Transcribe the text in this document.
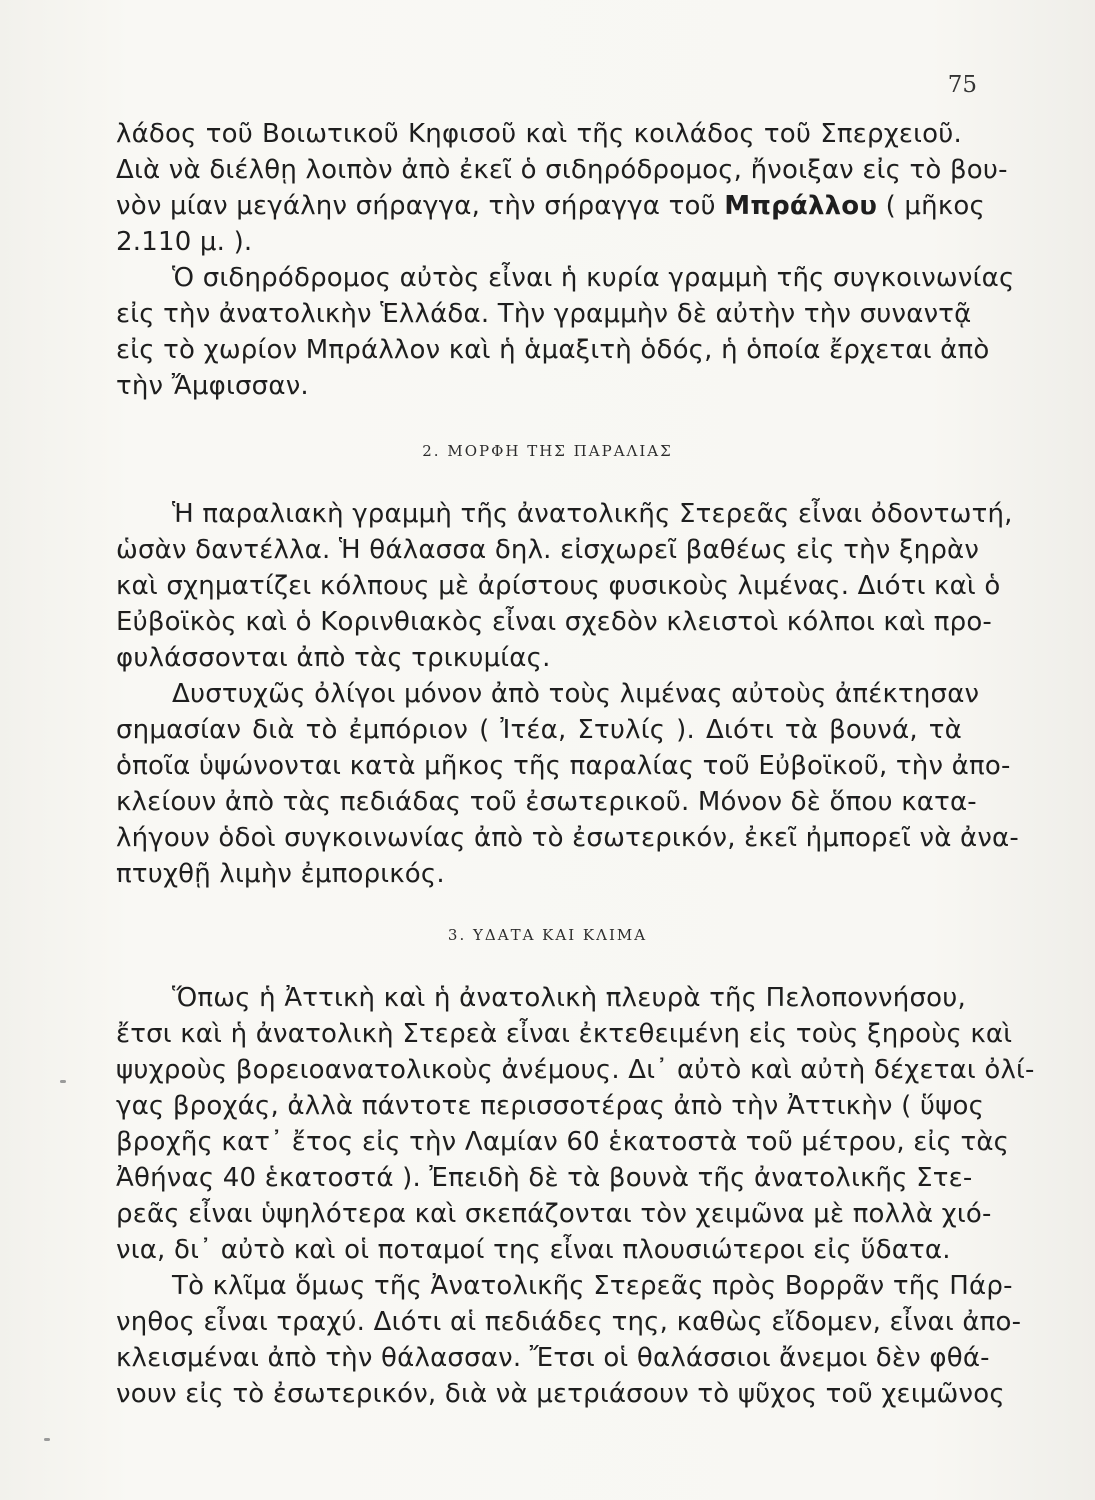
75
λάδος τοῦ Βοιωτικοῦ Κηφισοῦ καὶ τῆς κοιλάδος τοῦ Σπερχειοῦ.
Διὰ νὰ διέλθῃ λοιπὸν ἀπὸ ἐκεῖ ὁ σιδηρόδρομος, ἤνοιξαν εἰς τὸ βου-
νὸν μίαν μεγάλην σήραγγα, τὴν σήραγγα τοῦ Μπράλλου ( μῆκος
2.110 μ. ).
Ὁ σιδηρόδρομος αὐτὸς εἶναι ἡ κυρία γραμμὴ τῆς συγκοινωνίας
εἰς τὴν ἀνατολικὴν Ἑλλάδα. Τὴν γραμμὴν δὲ αὐτὴν τὴν συναντᾷ
εἰς τὸ χωρίον Μπράλλον καὶ ἡ ἁμαξιτὴ ὁδός, ἡ ὁποία ἔρχεται ἀπὸ
τὴν Ἄμφισσαν.
2. ΜΟΡΦΗ ΤΗΣ ΠΑΡΑΛΙΑΣ
Ἡ παραλιακὴ γραμμὴ τῆς ἀνατολικῆς Στερεᾶς εἶναι ὀδοντωτή,
ὡσὰν δαντέλλα. Ἡ θάλασσα δηλ. εἰσχωρεῖ βαθέως εἰς τὴν ξηρὰν
καὶ σχηματίζει κόλπους μὲ ἀρίστους φυσικοὺς λιμένας. Διότι καὶ ὁ
Εὐβοϊκὸς καὶ ὁ Κορινθιακὸς εἶναι σχεδὸν κλειστοὶ κόλποι καὶ προ-
φυλάσσονται ἀπὸ τὰς τρικυμίας.
Δυστυχῶς ὀλίγοι μόνον ἀπὸ τοὺς λιμένας αὐτοὺς ἀπέκτησαν
σημασίαν διὰ τὸ ἐμπόριον ( Ἰτέα, Στυλίς ). Διότι τὰ βουνά, τὰ
ὁποῖα ὑψώνονται κατὰ μῆκος τῆς παραλίας τοῦ Εὐβοϊκοῦ, τὴν ἀπο-
κλείουν ἀπὸ τὰς πεδιάδας τοῦ ἐσωτερικοῦ. Μόνον δὲ ὅπου κατα-
λήγουν ὁδοὶ συγκοινωνίας ἀπὸ τὸ ἐσωτερικόν, ἐκεῖ ἠμπορεῖ νὰ ἀνα-
πτυχθῇ λιμὴν ἐμπορικός.
3. ΥΔΑΤΑ ΚΑΙ ΚΛΙΜΑ
Ὅπως ἡ Ἀττικὴ καὶ ἡ ἀνατολικὴ πλευρὰ τῆς Πελοποννήσου,
ἔτσι καὶ ἡ ἀνατολικὴ Στερεὰ εἶναι ἐκτεθειμένη εἰς τοὺς ξηροὺς καὶ
ψυχροὺς βορειοανατολικοὺς ἀνέμους. Δι᾽ αὐτὸ καὶ αὐτὴ δέχεται ὀλί-
γας βροχάς, ἀλλὰ πάντοτε περισσοτέρας ἀπὸ τὴν Ἀττικὴν ( ὕψος
βροχῆς κατ᾽ ἔτος εἰς τὴν Λαμίαν 60 ἑκατοστὰ τοῦ μέτρου, εἰς τὰς
Ἀθήνας 40 ἑκατοστά ). Ἐπειδὴ δὲ τὰ βουνὰ τῆς ἀνατολικῆς Στε-
ρεᾶς εἶναι ὑψηλότερα καὶ σκεπάζονται τὸν χειμῶνα μὲ πολλὰ χιό-
νια, δι᾽ αὐτὸ καὶ οἱ ποταμοί της εἶναι πλουσιώτεροι εἰς ὕδατα.
Τὸ κλῖμα ὅμως τῆς Ἀνατολικῆς Στερεᾶς πρὸς Βορρᾶν τῆς Πάρ-
νηθος εἶναι τραχύ. Διότι αἱ πεδιάδες της, καθὼς εἴδομεν, εἶναι ἀπο-
κλεισμέναι ἀπὸ τὴν θάλασσαν. Ἔτσι οἱ θαλάσσιοι ἄνεμοι δὲν φθά-
νουν εἰς τὸ ἐσωτερικόν, διὰ νὰ μετριάσουν τὸ ψῦχος τοῦ χειμῶνος
